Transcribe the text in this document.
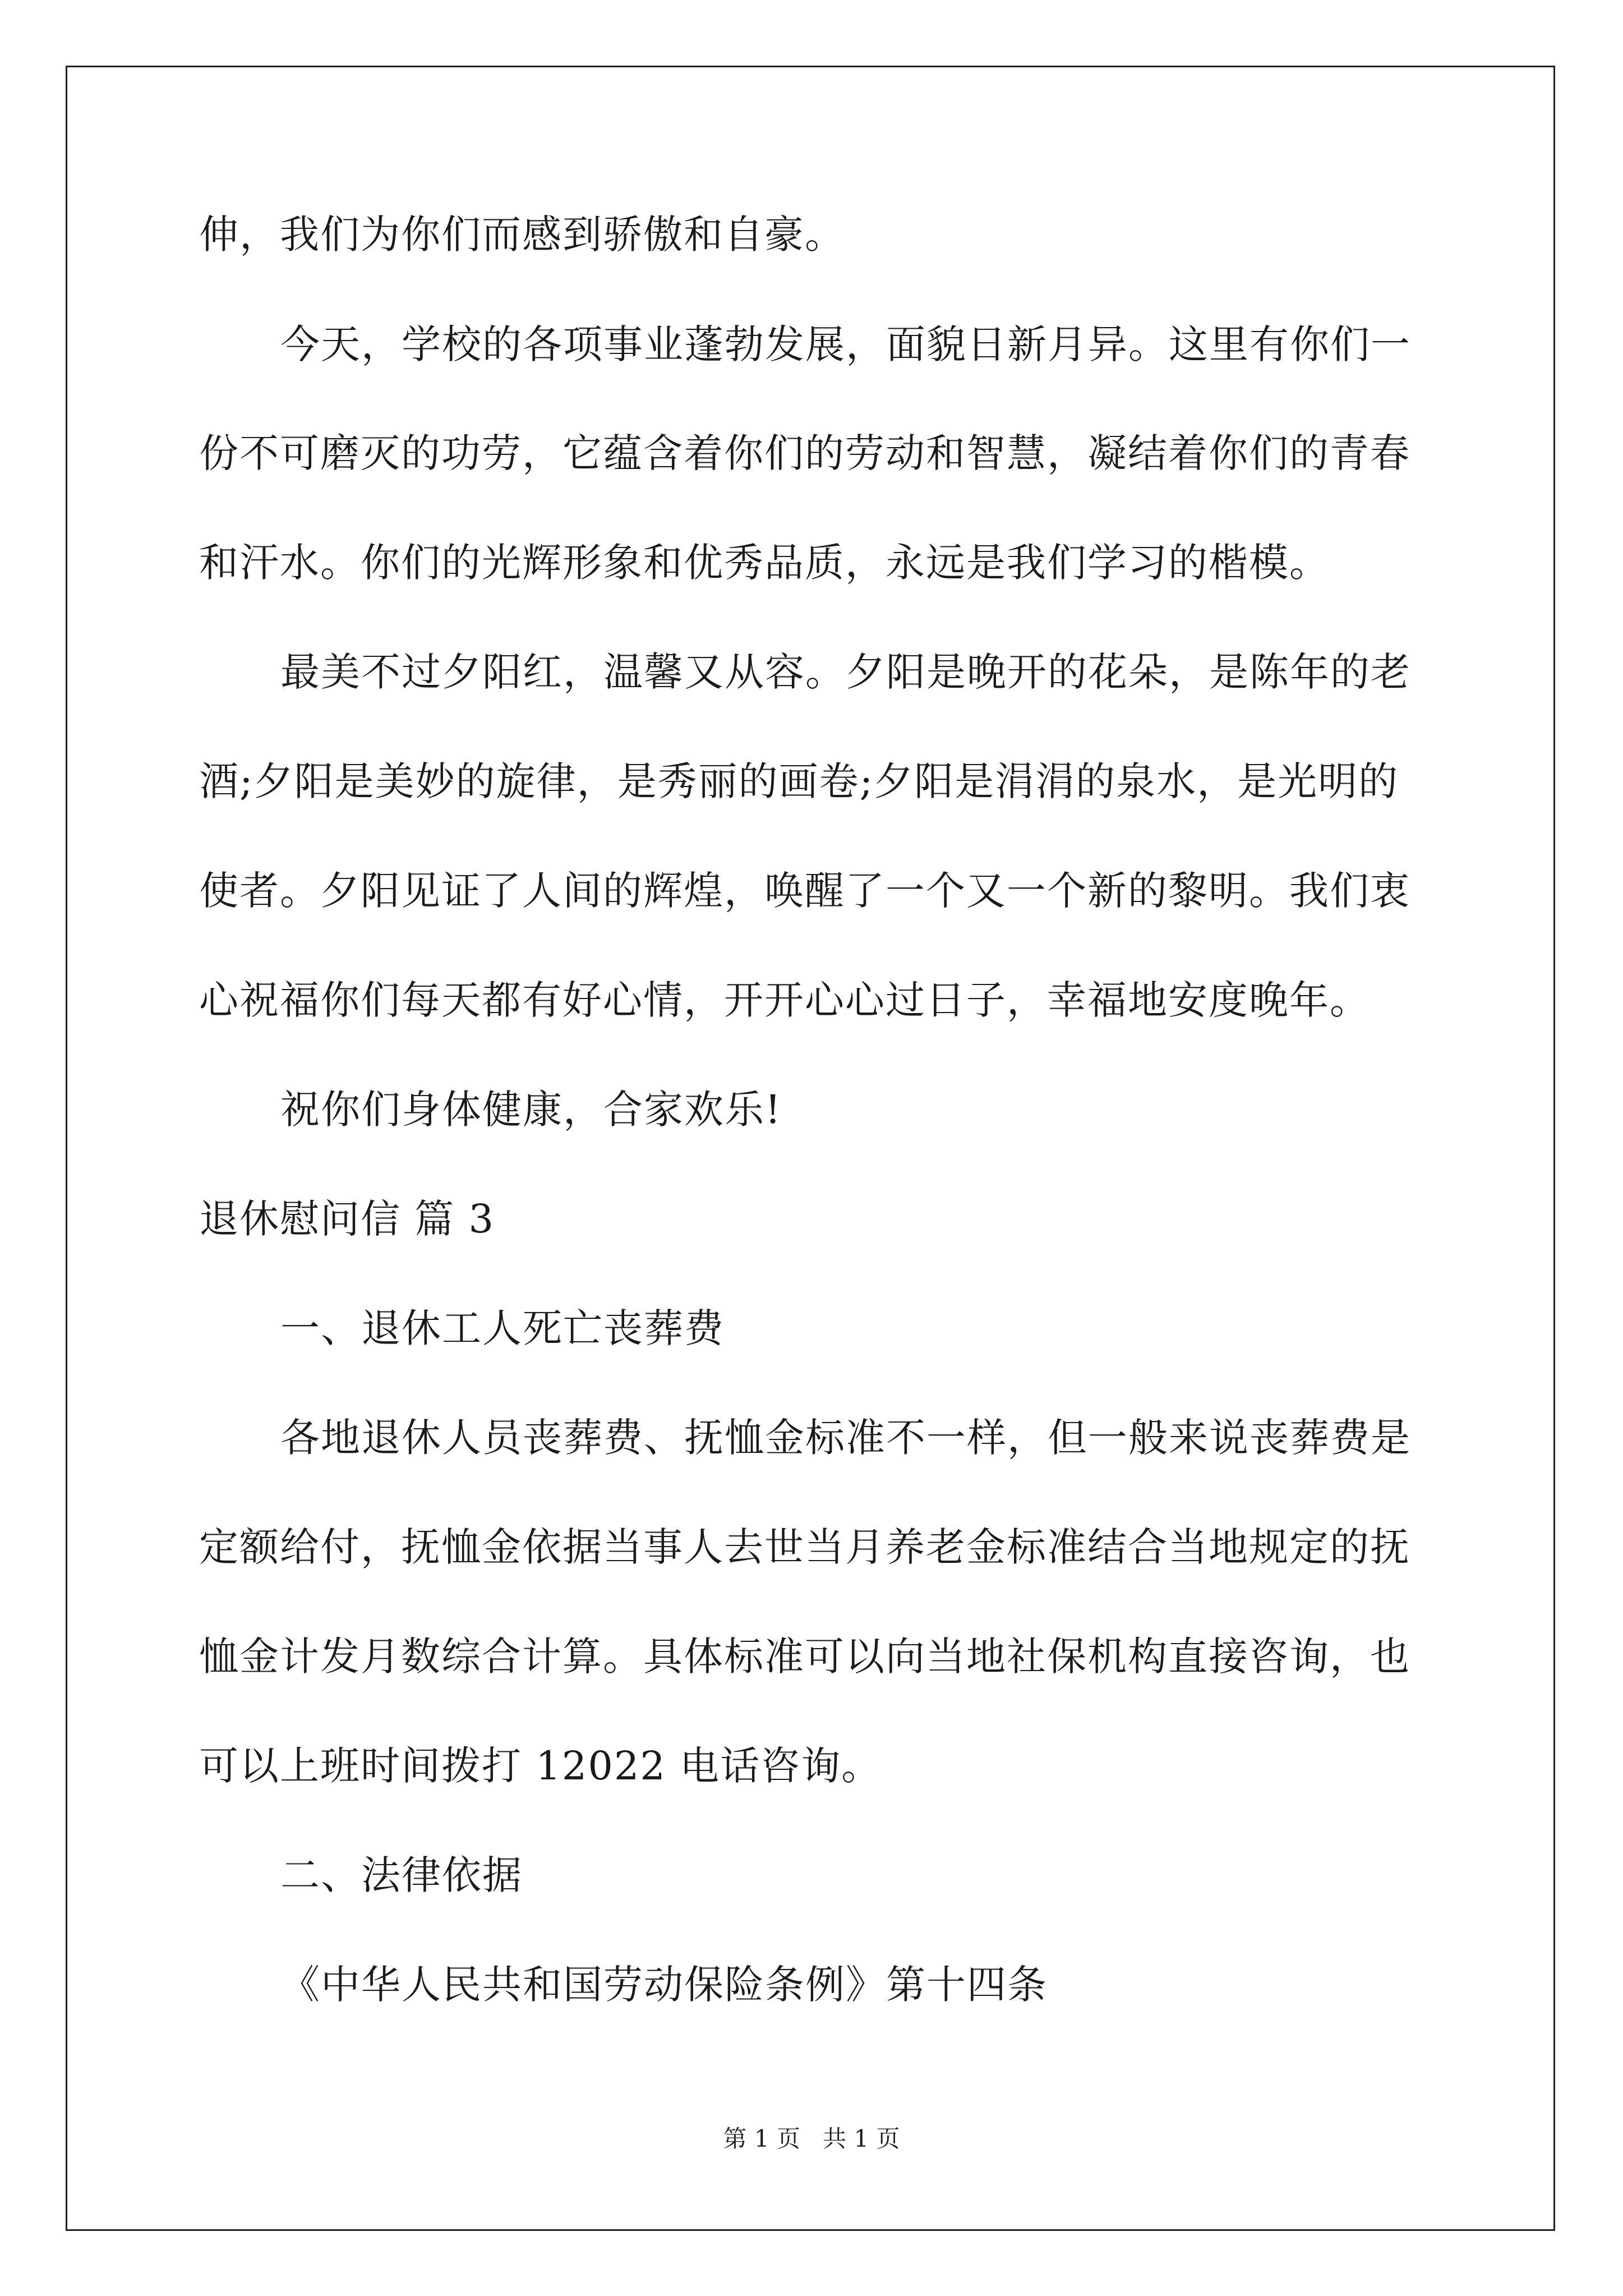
伸，我们为你们而感到骄傲和自豪。
今天，学校的各项事业蓬勃发展，面貌日新月异。这里有你们一
份不可磨灭的功劳，它蕴含着你们的劳动和智慧，凝结着你们的青春
和汗水。你们的光辉形象和优秀品质，永远是我们学习的楷模。
最美不过夕阳红，温馨又从容。夕阳是晚开的花朵，是陈年的老
酒;夕阳是美妙的旋律，是秀丽的画卷;夕阳是涓涓的泉水，是光明的
使者。夕阳见证了人间的辉煌，唤醒了一个又一个新的黎明。我们衷
心祝福你们每天都有好心情，开开心心过日子，幸福地安度晚年。
祝你们身体健康，合家欢乐!
退休慰问信 篇 3
一、退休工人死亡丧葬费
各地退休人员丧葬费、抚恤金标准不一样，但一般来说丧葬费是
定额给付，抚恤金依据当事人去世当月养老金标准结合当地规定的抚
恤金计发月数综合计算。具体标准可以向当地社保机构直接咨询，也
可以上班时间拨打 12022 电话咨询。
二、法律依据
《中华人民共和国劳动保险条例》第十四条
第 1 页   共 1 页
